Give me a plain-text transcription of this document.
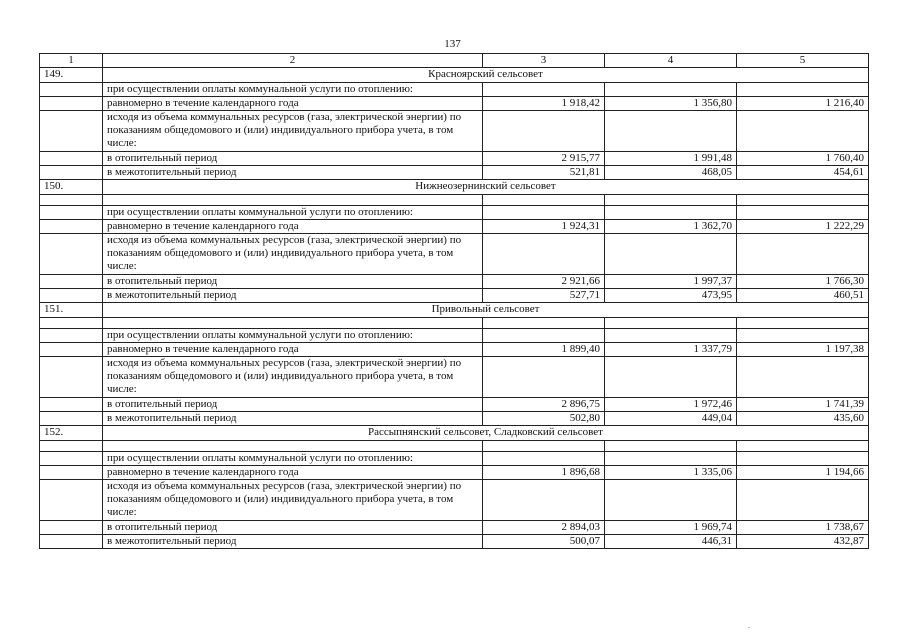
137
1	2	3	4	5
149.	Красноярский сельсовет			
	при осуществлении оплаты коммунальной услуги по отоплению:			
	равномерно в течение календарного года	1 918,42	1 356,80	1 216,40
	исходя из объема коммунальных ресурсов (газа, электрической энергии) по показаниям общедомового и (или) индивидуального прибора учета, в том числе:			
	в отопительный период	2 915,77	1 991,48	1 760,40
	в межотопительный период	521,81	468,05	454,61
150.	Нижнеозернинский сельсовет			

	при осуществлении оплаты коммунальной услуги по отоплению:			
	равномерно в течение календарного года	1 924,31	1 362,70	1 222,29
	исходя из объема коммунальных ресурсов (газа, электрической энергии) по показаниям общедомового и (или) индивидуального прибора учета, в том числе:			
	в отопительный период	2 921,66	1 997,37	1 766,30
	в межотопительный период	527,71	473,95	460,51
151.	Привольный сельсовет			

	при осуществлении оплаты коммунальной услуги по отоплению:			
	равномерно в течение календарного года	1 899,40	1 337,79	1 197,38
	исходя из объема коммунальных ресурсов (газа, электрической энергии) по показаниям общедомового и (или) индивидуального прибора учета, в том числе:			
	в отопительный период	2 896,75	1 972,46	1 741,39
	в межотопительный период	502,80	449,04	435,60
152.	Рассыпнянский сельсовет, Сладковский сельсовет			

	при осуществлении оплаты коммунальной услуги по отоплению:			
	равномерно в течение календарного года	1 896,68	1 335,06	1 194,66
	исходя из объема коммунальных ресурсов (газа, электрической энергии) по показаниям общедомового и (или) индивидуального прибора учета, в том числе:			
	в отопительный период	2 894,03	1 969,74	1 738,67
	в межотопительный период	500,07	446,31	432,87
.
